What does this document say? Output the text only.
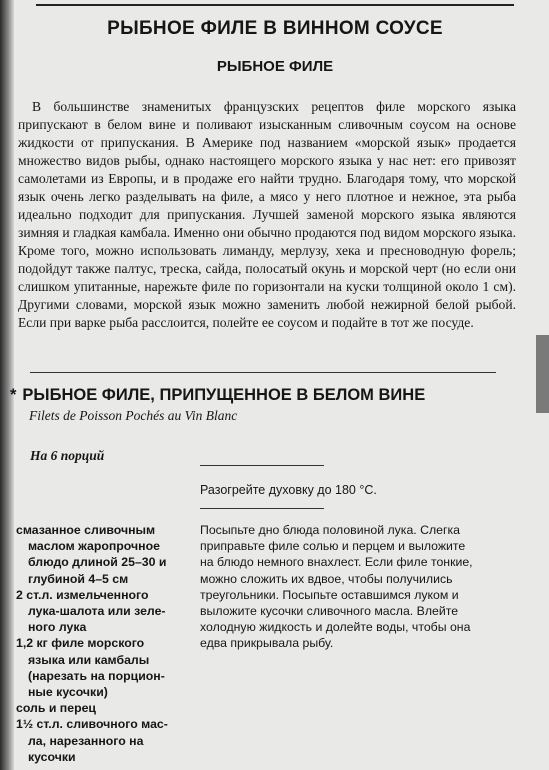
РЫБНОЕ ФИЛЕ В ВИННОМ СОУСЕ
РЫБНОЕ ФИЛЕ

В большинстве знаменитых французских рецептов филе морского языка припускают в белом вине и поливают изысканным сливочным соусом на основе жидкости от припускания. В Америке под названием «морской язык» продается множество видов рыбы, однако настоящего морского языка у нас нет: его привозят самолетами из Европы, и в продаже его найти трудно. Благодаря тому, что морской язык очень легко разделывать на филе, а мясо у него плотное и нежное, эта рыба идеально подходит для припускания. Лучшей заменой морского языка являются зимняя и гладкая камбала. Именно они обычно продаются под видом морского языка. Кроме того, можно использовать лиманду, мерлузу, хека и пресноводную форель; подойдут также палтус, треска, сайда, полосатый окунь и морской черт (но если они слишком упитанные, нарежьте филе по горизонтали на куски толщиной около 1 см). Другими словами, морской язык можно заменить любой нежирной белой рыбой. Если при варке рыба расслоится, полейте ее соусом и подайте в тот же посуде.

* РЫБНОЕ ФИЛЕ, ПРИПУЩЕННОЕ В БЕЛОМ ВИНЕ
Filets de Poisson Pochés au Vin Blanc
На 6 порций
Разогрейте духовку до 180 °С.
смазанное сливочным
маслом жаропрочное
блюдо длиной 25–30 и
глубиной 4–5 см
2 ст.л. измельченного
лука-шалота или зеле-
ного лука
1,2 кг филе морского
языка или камбалы
(нарезать на порцион-
ные кусочки)
соль и перец
1½ ст.л. сливочного мас-
ла, нарезанного на
кусочки
Посыпьте дно блюда половиной лука. Слегка
приправьте филе солью и перцем и выложите
на блюдо немного внахлест. Если филе тонкие,
можно сложить их вдвое, чтобы получились
треугольники. Посыпьте оставшимся луком и
выложите кусочки сливочного масла. Влейте
холодную жидкость и долейте воды, чтобы она
едва прикрывала рыбу.
